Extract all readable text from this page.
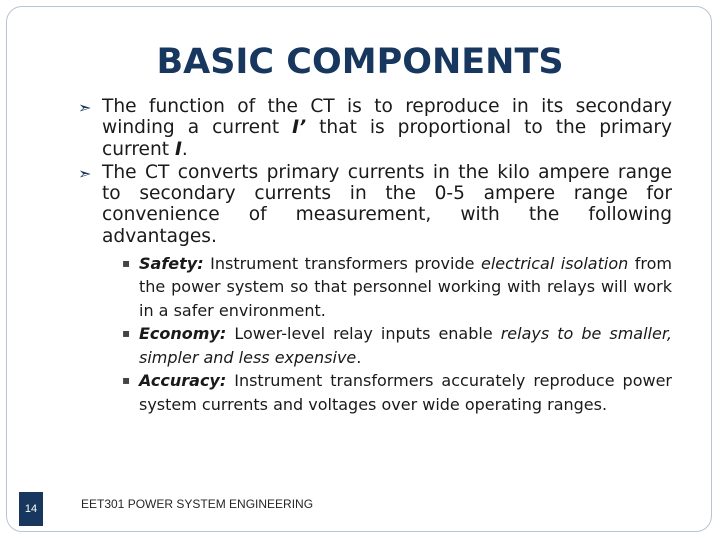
BASIC COMPONENTS

➣ The function of the CT is to reproduce in its secondary winding a current I’ that is proportional to the primary current I.

➣ The CT converts primary currents in the kilo ampere range to secondary currents in the 0-5 ampere range for convenience of measurement, with the following advantages.

▪ Safety: Instrument transformers provide electrical isolation from the power system so that personnel working with relays will work in a safer environment.
▪ Economy: Lower-level relay inputs enable relays to be smaller, simpler and less expensive.
▪ Accuracy: Instrument transformers accurately reproduce power system currents and voltages over wide operating ranges.
14	EET301 POWER SYSTEM ENGINEERING
